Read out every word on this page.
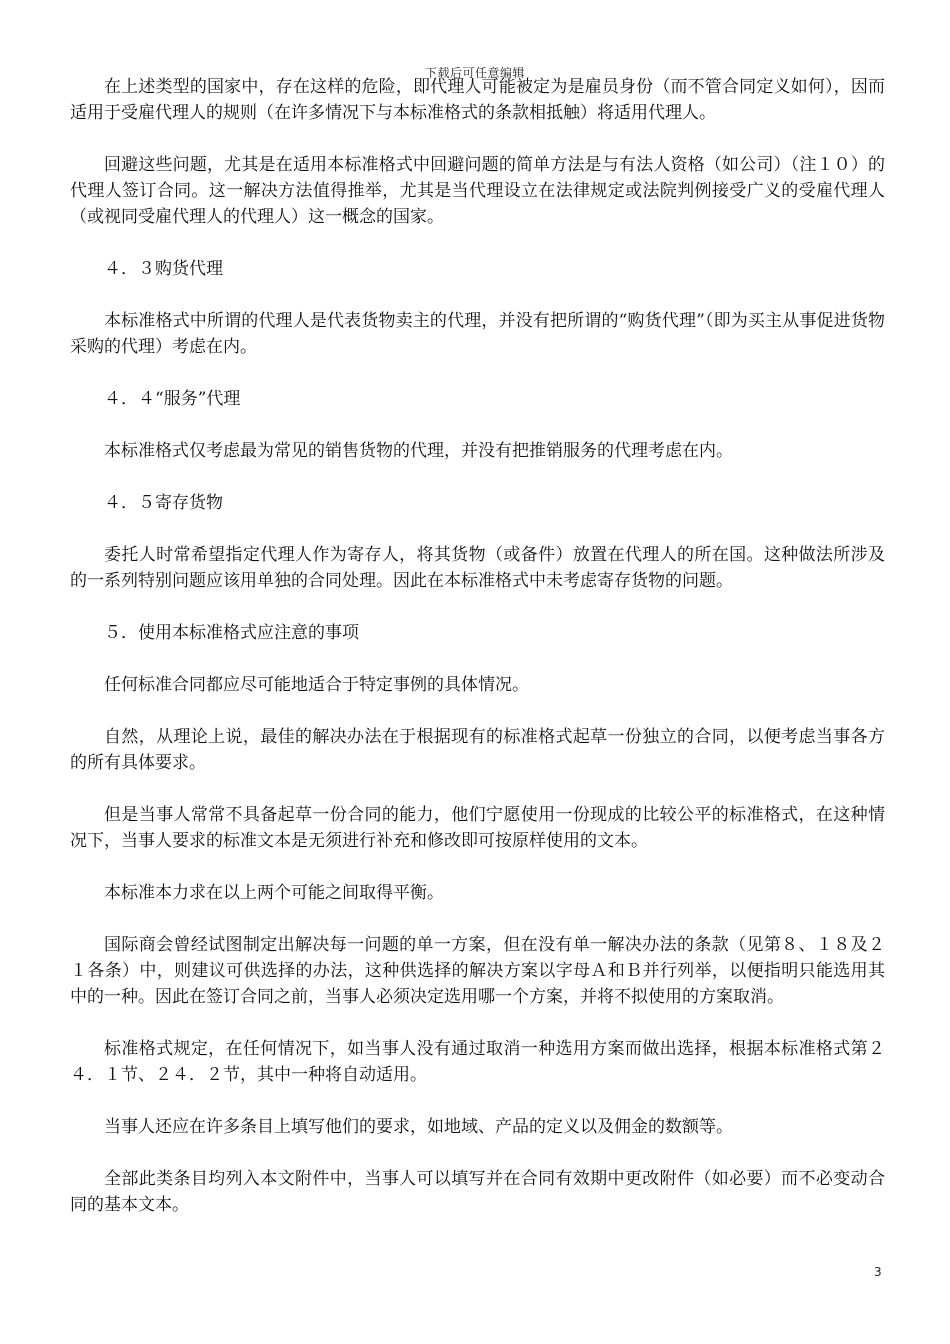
下载后可任意编辑

在上述类型的国家中，存在这样的危险，即代理人可能被定为是雇员身份（而不管合同定义如何），因而适用于受雇代理人的规则（在许多情况下与本标准格式的条款相抵触）将适用代理人。

回避这些问题，尤其是在适用本标准格式中回避问题的简单方法是与有法人资格（如公司）（注１０）的代理人签订合同。这一解决方法值得推举，尤其是当代理设立在法律规定或法院判例接受广义的受雇代理人（或视同受雇代理人的代理人）这一概念的国家。

４．３购货代理

本标准格式中所谓的代理人是代表货物卖主的代理，并没有把所谓的“购货代理”（即为买主从事促进货物采购的代理）考虑在内。

４．４“服务”代理

本标准格式仅考虑最为常见的销售货物的代理，并没有把推销服务的代理考虑在内。

４．５寄存货物

委托人时常希望指定代理人作为寄存人，将其货物（或备件）放置在代理人的所在国。这种做法所涉及的一系列特别问题应该用单独的合同处理。因此在本标准格式中未考虑寄存货物的问题。

５．使用本标准格式应注意的事项

任何标准合同都应尽可能地适合于特定事例的具体情况。

自然，从理论上说，最佳的解决办法在于根据现有的标准格式起草一份独立的合同，以便考虑当事各方的所有具体要求。

但是当事人常常不具备起草一份合同的能力，他们宁愿使用一份现成的比较公平的标准格式，在这种情况下，当事人要求的标准文本是无须进行补充和修改即可按原样使用的文本。

本标准本力求在以上两个可能之间取得平衡。

国际商会曾经试图制定出解决每一问题的单一方案，但在没有单一解决办法的条款（见第８、１８及２１各条）中，则建议可供选择的办法，这种供选择的解决方案以字母Ａ和Ｂ并行列举，以便指明只能选用其中的一种。因此在签订合同之前，当事人必须决定选用哪一个方案，并将不拟使用的方案取消。

标准格式规定，在任何情况下，如当事人没有通过取消一种选用方案而做出选择，根据本标准格式第２４．１节、２４．２节，其中一种将自动适用。

当事人还应在许多条目上填写他们的要求，如地域、产品的定义以及佣金的数额等。

全部此类条目均列入本文附件中，当事人可以填写并在合同有效期中更改附件（如必要）而不必变动合同的基本文本。

3
